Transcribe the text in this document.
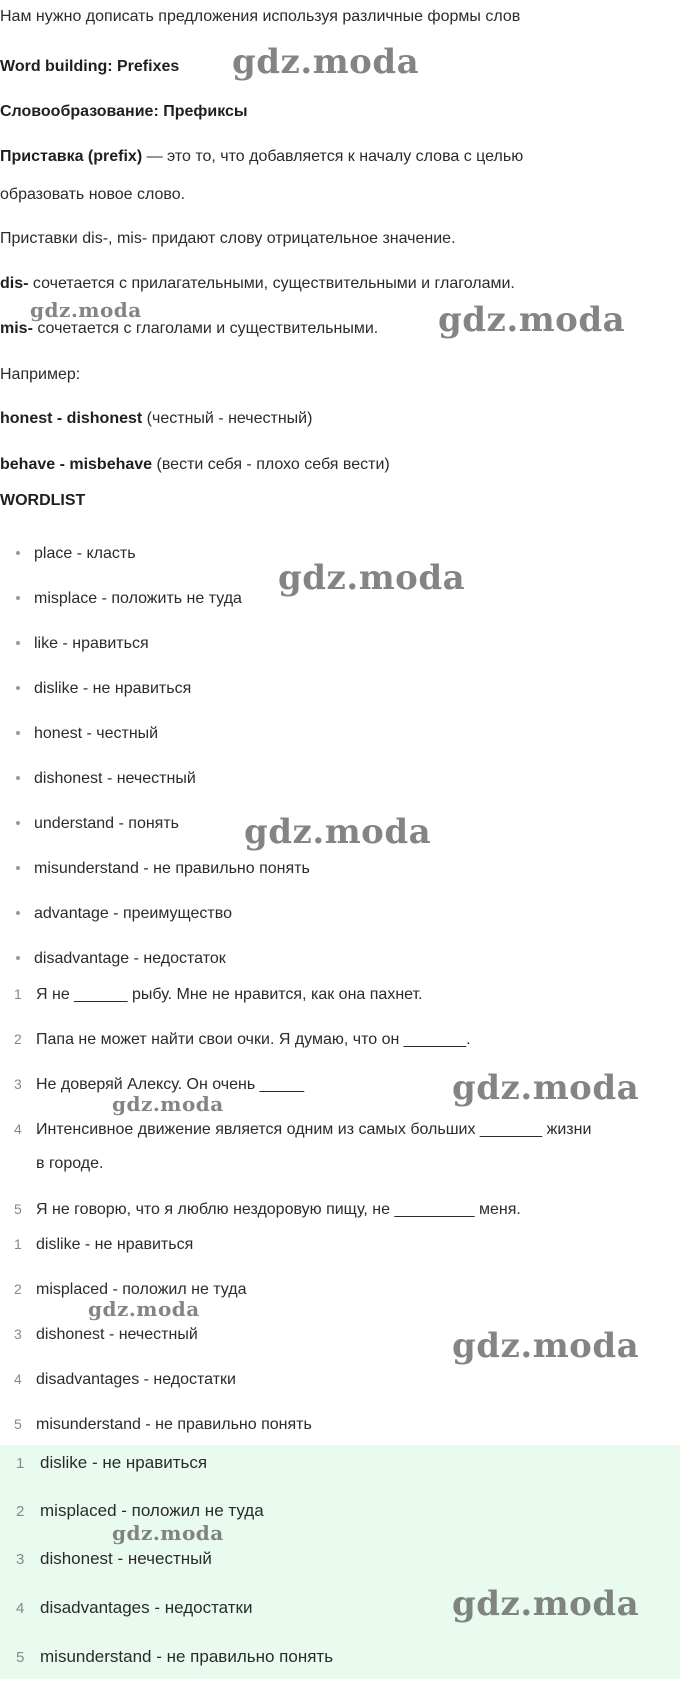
Нам нужно дописать предложения используя различные формы слов
Word building: Prefixes
Словообразование: Префиксы
Приставка (prefix) — это то, что добавляется к началу слова с целью
образовать новое слово.
Приставки dis-, mis- придают слову отрицательное значение.
dis- сочетается с прилагательными, существительными и глаголами.
mis- сочетается с глаголами и существительными.
Например:
honest - dishonest (честный - нечестный)
behave - misbehave (вести себя - плохо себя вести)
WORDLIST
place - класть
misplace - положить не туда
like - нравиться
dislike - не нравиться
honest - честный
dishonest - нечестный
understand - понять
misunderstand - не правильно понять
advantage - преимущество
disadvantage - недостаток
1 Я не ______ рыбу. Мне не нравится, как она пахнет.
2 Папа не может найти свои очки. Я думаю, что он _______.
3 Не доверяй Алексу. Он очень _____
4 Интенсивное движение является одним из самых больших _______ жизни
в городе.
5 Я не говорю, что я люблю нездоровую пищу, не _________ меня.
1 dislike - не нравиться
2 misplaced - положил не туда
3 dishonest - нечестный
4 disadvantages - недостатки
5 misunderstand - не правильно понять
1 dislike - не нравиться
2 misplaced - положил не туда
3 dishonest - нечестный
4 disadvantages - недостатки
5 misunderstand - не правильно понять
gdz.moda
gdz.moda	gdz.moda
gdz.moda
gdz.moda
gdz.moda
gdz.moda
gdz.moda
gdz.moda
gdz.moda
gdz.moda
